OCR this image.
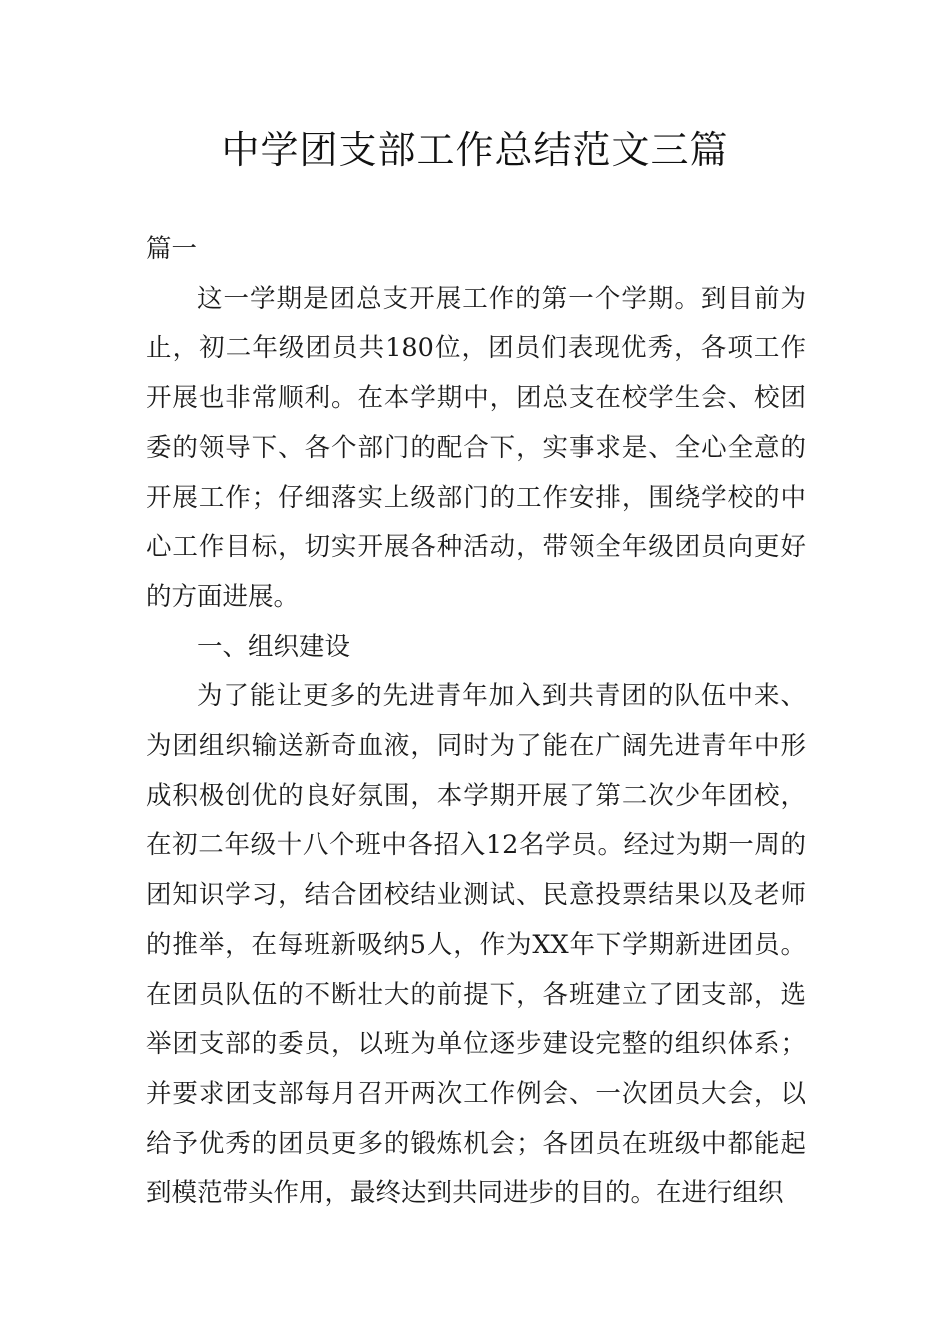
中学团支部工作总结范文三篇

篇一

这一学期是团总支开展工作的第一个学期。到目前为止，初二年级团员共180位，团员们表现优秀，各项工作开展也非常顺利。在本学期中，团总支在校学生会、校团委的领导下、各个部门的配合下，实事求是、全心全意的开展工作；仔细落实上级部门的工作安排，围绕学校的中心工作目标，切实开展各种活动，带领全年级团员向更好的方面进展。

一、组织建设

为了能让更多的先进青年加入到共青团的队伍中来、为团组织输送新奇血液，同时为了能在广阔先进青年中形成积极创优的良好氛围，本学期开展了第二次少年团校，在初二年级十八个班中各招入12名学员。经过为期一周的团知识学习，结合团校结业测试、民意投票结果以及老师的推举，在每班新吸纳5人，作为XX年下学期新进团员。在团员队伍的不断壮大的前提下，各班建立了团支部，选举团支部的委员，以班为单位逐步建设完整的组织体系；并要求团支部每月召开两次工作例会、一次团员大会，以给予优秀的团员更多的锻炼机会；各团员在班级中都能起到模范带头作用，最终达到共同进步的目的。在进行组织
